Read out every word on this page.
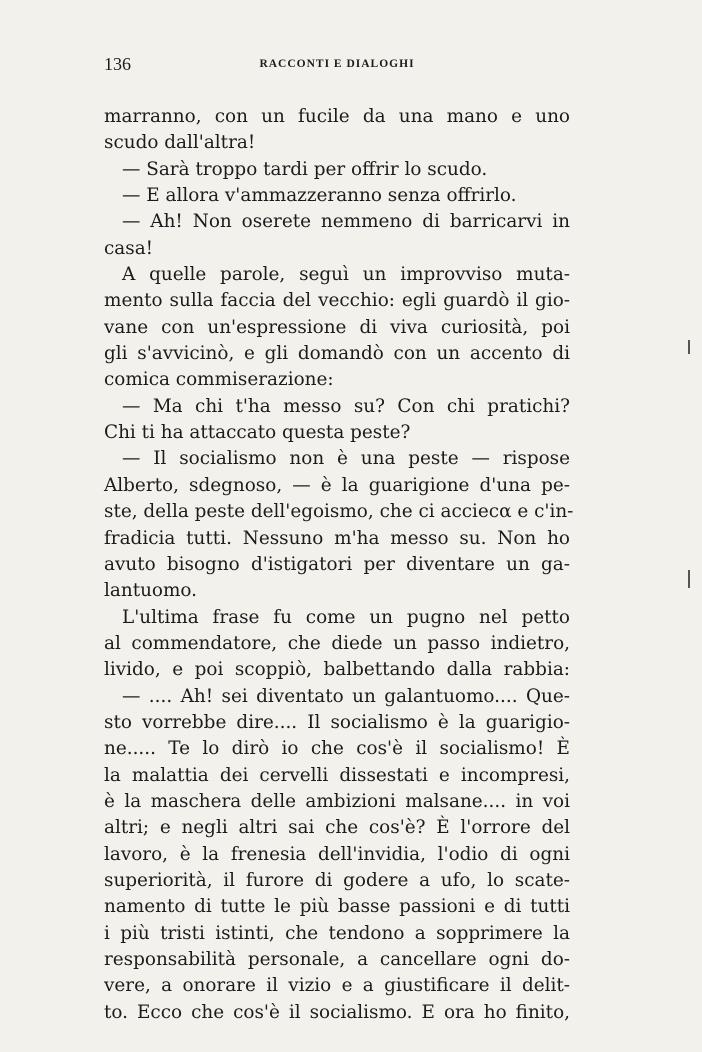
136	RACCONTI E DIALOGHI
marranno, con un fucile da una mano e uno
scudo dall'altra!
— Sarà troppo tardi per offrir lo scudo.
— E allora v'ammazzeranno senza offrirlo.
— Ah! Non oserete nemmeno di barricarvi in
casa!
A quelle parole, seguì un improvviso muta-
mento sulla faccia del vecchio: egli guardò il gio-
vane con un'espressione di viva curiosità, poi
gli s'avvicinò, e gli domandò con un accento di
comica commiserazione:
— Ma chi t'ha messo su? Con chi pratichi?
Chi ti ha attaccato questa peste?
— Il socialismo non è una peste — rispose
Alberto, sdegnoso, — è la guarigione d'una pe-
ste, della peste dell'egoismo, che ci acciecα e c'in-
fradicia tutti. Nessuno m'ha messo su. Non ho
avuto bisogno d'istigatori per diventare un ga-
lantuomo.
L'ultima frase fu come un pugno nel petto
al commendatore, che diede un passo indietro,
livido, e poi scoppiò, balbettando dalla rabbia:
— .... Ah! sei diventato un galantuomo.... Que-
sto vorrebbe dire.... Il socialismo è la guarigio-
ne..... Te lo dirò io che cos'è il socialismo! È
la malattia dei cervelli dissestati e incompresi,
è la maschera delle ambizioni malsane.... in voi
altri; e negli altri sai che cos'è? È l'orrore del
lavoro, è la frenesia dell'invidia, l'odio di ogni
superiorità, il furore di godere a ufo, lo scate-
namento di tutte le più basse passioni e di tutti
i più tristi istinti, che tendono a sopprimere la
responsabilità personale, a cancellare ogni do-
vere, a onorare il vizio e a giustificare il delit-
to. Ecco che cos'è il socialismo. E ora ho finito,
